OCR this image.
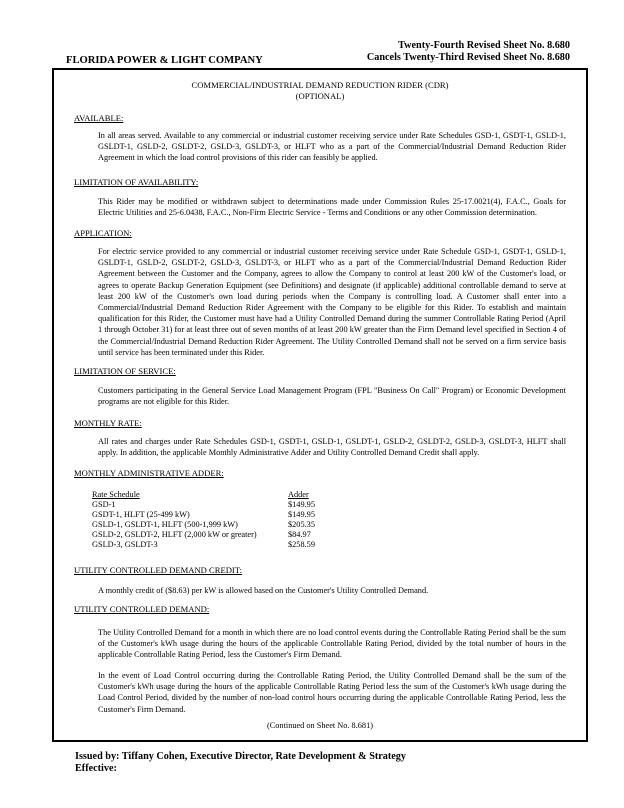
Twenty-Fourth Revised Sheet No. 8.680
Cancels Twenty-Third Revised Sheet No. 8.680
FLORIDA POWER & LIGHT COMPANY
COMMERCIAL/INDUSTRIAL DEMAND REDUCTION RIDER (CDR)
(OPTIONAL)
AVAILABLE:
In all areas served. Available to any commercial or industrial customer receiving service under Rate Schedules GSD-1, GSDT-1, GSLD-1, GSLDT-1, GSLD-2, GSLDT-2, GSLD-3, GSLDT-3, or HLFT who as a part of the Commercial/Industrial Demand Reduction Rider Agreement in which the load control provisions of this rider can feasibly be applied.
LIMITATION OF AVAILABILITY:
This Rider may be modified or withdrawn subject to determinations made under Commission Rules 25-17.0021(4), F.A.C., Goals for Electric Utilities and 25-6.0438, F.A.C., Non-Firm Electric Service - Terms and Conditions or any other Commission determination.
APPLICATION:
For electric service provided to any commercial or industrial customer receiving service under Rate Schedule GSD-1, GSDT-1, GSLD-1, GSLDT-1, GSLD-2, GSLDT-2, GSLD-3, GSLDT-3, or HLFT who as a part of the Commercial/Industrial Demand Reduction Rider Agreement between the Customer and the Company, agrees to allow the Company to control at least 200 kW of the Customer's load, or agrees to operate Backup Generation Equipment (see Definitions) and designate (if applicable) additional controllable demand to serve at least 200 kW of the Customer's own load during periods when the Company is controlling load. A Customer shall enter into a Commercial/Industrial Demand Reduction Rider Agreement with the Company to be eligible for this Rider. To establish and maintain qualification for this Rider, the Customer must have had a Utility Controlled Demand during the summer Controllable Rating Period (April 1 through October 31) for at least three out of seven months of at least 200 kW greater than the Firm Demand level specified in Section 4 of the Commercial/Industrial Demand Reduction Rider Agreement. The Utility Controlled Demand shall not be served on a firm service basis until service has been terminated under this Rider.
LIMITATION OF SERVICE:
Customers participating in the General Service Load Management Program (FPL "Business On Call" Program) or Economic Development programs are not eligible for this Rider.
MONTHLY RATE:
All rates and charges under Rate Schedules GSD-1, GSDT-1, GSLD-1, GSLDT-1, GSLD-2, GSLDT-2, GSLD-3, GSLDT-3, HLFT shall apply. In addition, the applicable Monthly Administrative Adder and Utility Controlled Demand Credit shall apply.
MONTHLY ADMINISTRATIVE ADDER:
Rate Schedule	Adder
GSD-1	$149.95
GSDT-1, HLFT (25-499 kW)	$149.95
GSLD-1, GSLDT-1, HLFT (500-1,999 kW)	$205.35
GSLD-2, GSLDT-2, HLFT (2,000 kW or greater)	$84.97
GSLD-3, GSLDT-3	$258.59
UTILITY CONTROLLED DEMAND CREDIT:
A monthly credit of ($8.63) per kW is allowed based on the Customer's Utility Controlled Demand.
UTILITY CONTROLLED DEMAND:
The Utility Controlled Demand for a month in which there are no load control events during the Controllable Rating Period shall be the sum of the Customer's kWh usage during the hours of the applicable Controllable Rating Period, divided by the total number of hours in the applicable Controllable Rating Period, less the Customer's Firm Demand.
In the event of Load Control occurring during the Controllable Rating Period, the Utility Controlled Demand shall be the sum of the Customer's kWh usage during the hours of the applicable Controllable Rating Period less the sum of the Customer's kWh usage during the Load Control Period, divided by the number of non-load control hours occurring during the applicable Controllable Rating Period, less the Customer's Firm Demand.
(Continued on Sheet No. 8.681)
Issued by: Tiffany Cohen, Executive Director, Rate Development & Strategy
Effective:
